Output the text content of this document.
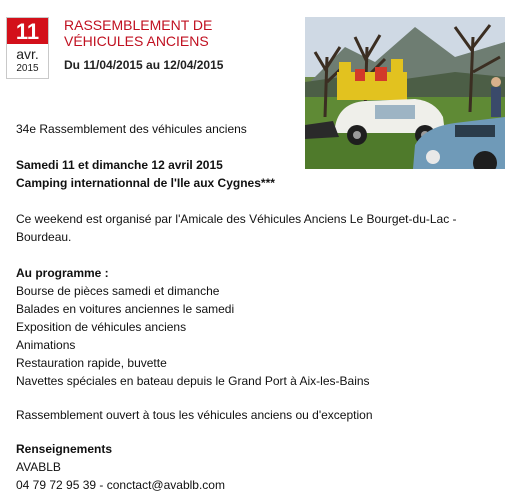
11
avr.
2015
RASSEMBLEMENT DE VÉHICULES ANCIENS
Du 11/04/2015 au 12/04/2015
34e Rassemblement des véhicules anciens
Samedi 11 et dimanche 12 avril 2015
Camping internationnal de l'Ile aux Cygnes***
Ce weekend est organisé par l'Amicale des Véhicules Anciens Le Bourget-du-Lac -
Bourdeau.
Au programme :
Bourse de pièces samedi et dimanche
Balades en voitures anciennes le samedi
Exposition de véhicules anciens
Animations
Restauration rapide, buvette
Navettes spéciales en bateau depuis le Grand Port à Aix-les-Bains
Rassemblement ouvert à tous les véhicules anciens ou d'exception
Renseignements
AVABLB
04 79 72 95 39 - conctact@avablb.com
